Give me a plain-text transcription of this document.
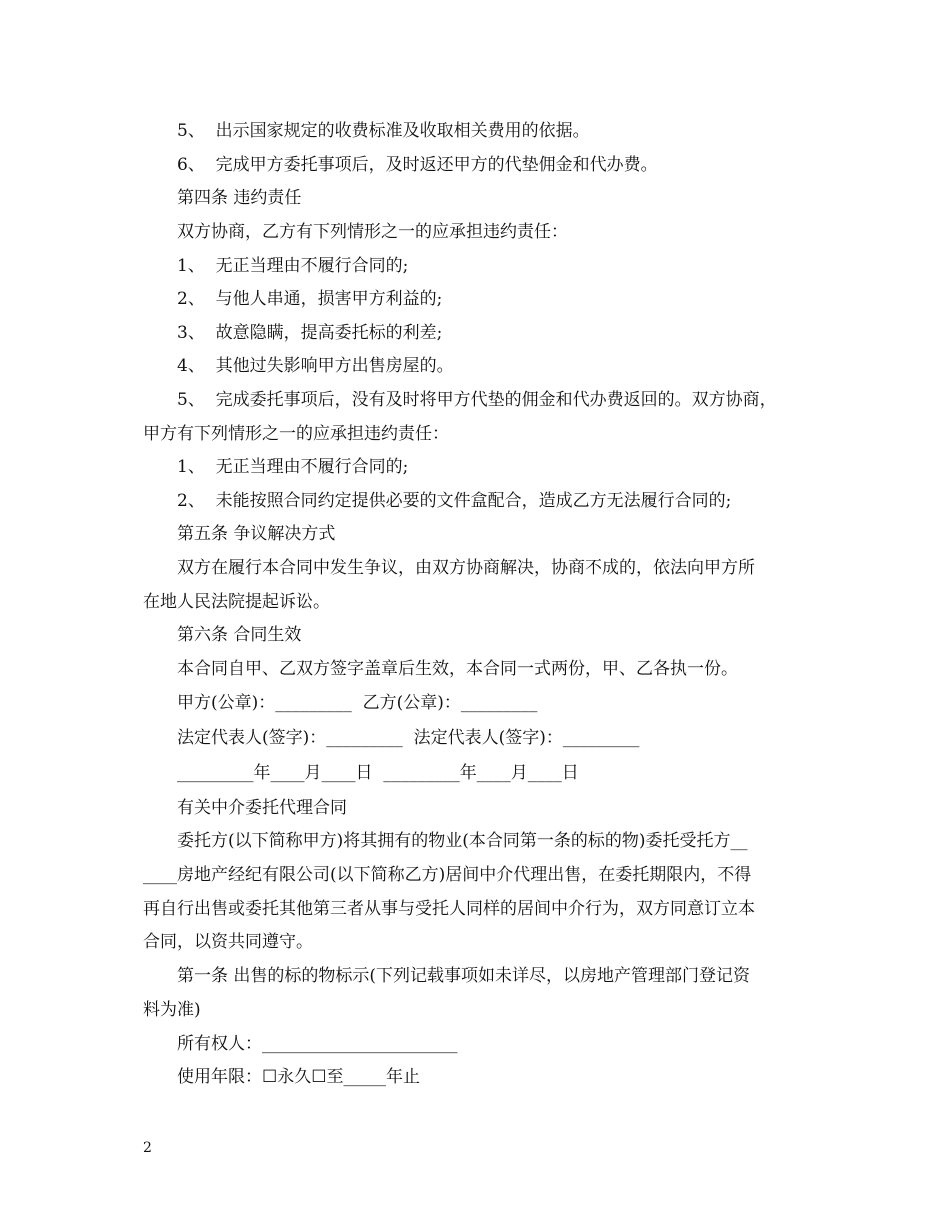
5、  出示国家规定的收费标准及收取相关费用的依据。
6、  完成甲方委托事项后，及时返还甲方的代垫佣金和代办费。
第四条 违约责任
双方协商，乙方有下列情形之一的应承担违约责任：
1、  无正当理由不履行合同的;
2、  与他人串通，损害甲方利益的;
3、  故意隐瞒，提高委托标的利差;
4、  其他过失影响甲方出售房屋的。
5、  完成委托事项后，没有及时将甲方代垫的佣金和代办费返回的。双方协商，
甲方有下列情形之一的应承担违约责任：
1、  无正当理由不履行合同的;
2、  未能按照合同约定提供必要的文件盒配合，造成乙方无法履行合同的;
第五条 争议解决方式
双方在履行本合同中发生争议，由双方协商解决，协商不成的，依法向甲方所
在地人民法院提起诉讼。
第六条 合同生效
本合同自甲、乙双方签字盖章后生效，本合同一式两份，甲、乙各执一份。
甲方(公章)：_________  乙方(公章)：_________
法定代表人(签字)：_________  法定代表人(签字)：_________
_________年____月____日  _________年____月____日
有关中介委托代理合同
委托方(以下简称甲方)将其拥有的物业(本合同第一条的标的物)委托受托方__
____房地产经纪有限公司(以下简称乙方)居间中介代理出售，在委托期限内，不得
再自行出售或委托其他第三者从事与受托人同样的居间中介行为，双方同意订立本
合同，以资共同遵守。
第一条 出售的标的物标示(下列记载事项如未详尽，以房地产管理部门登记资
料为准)
所有权人：_______________________
使用年限：☐永久☐至_____年止
2
